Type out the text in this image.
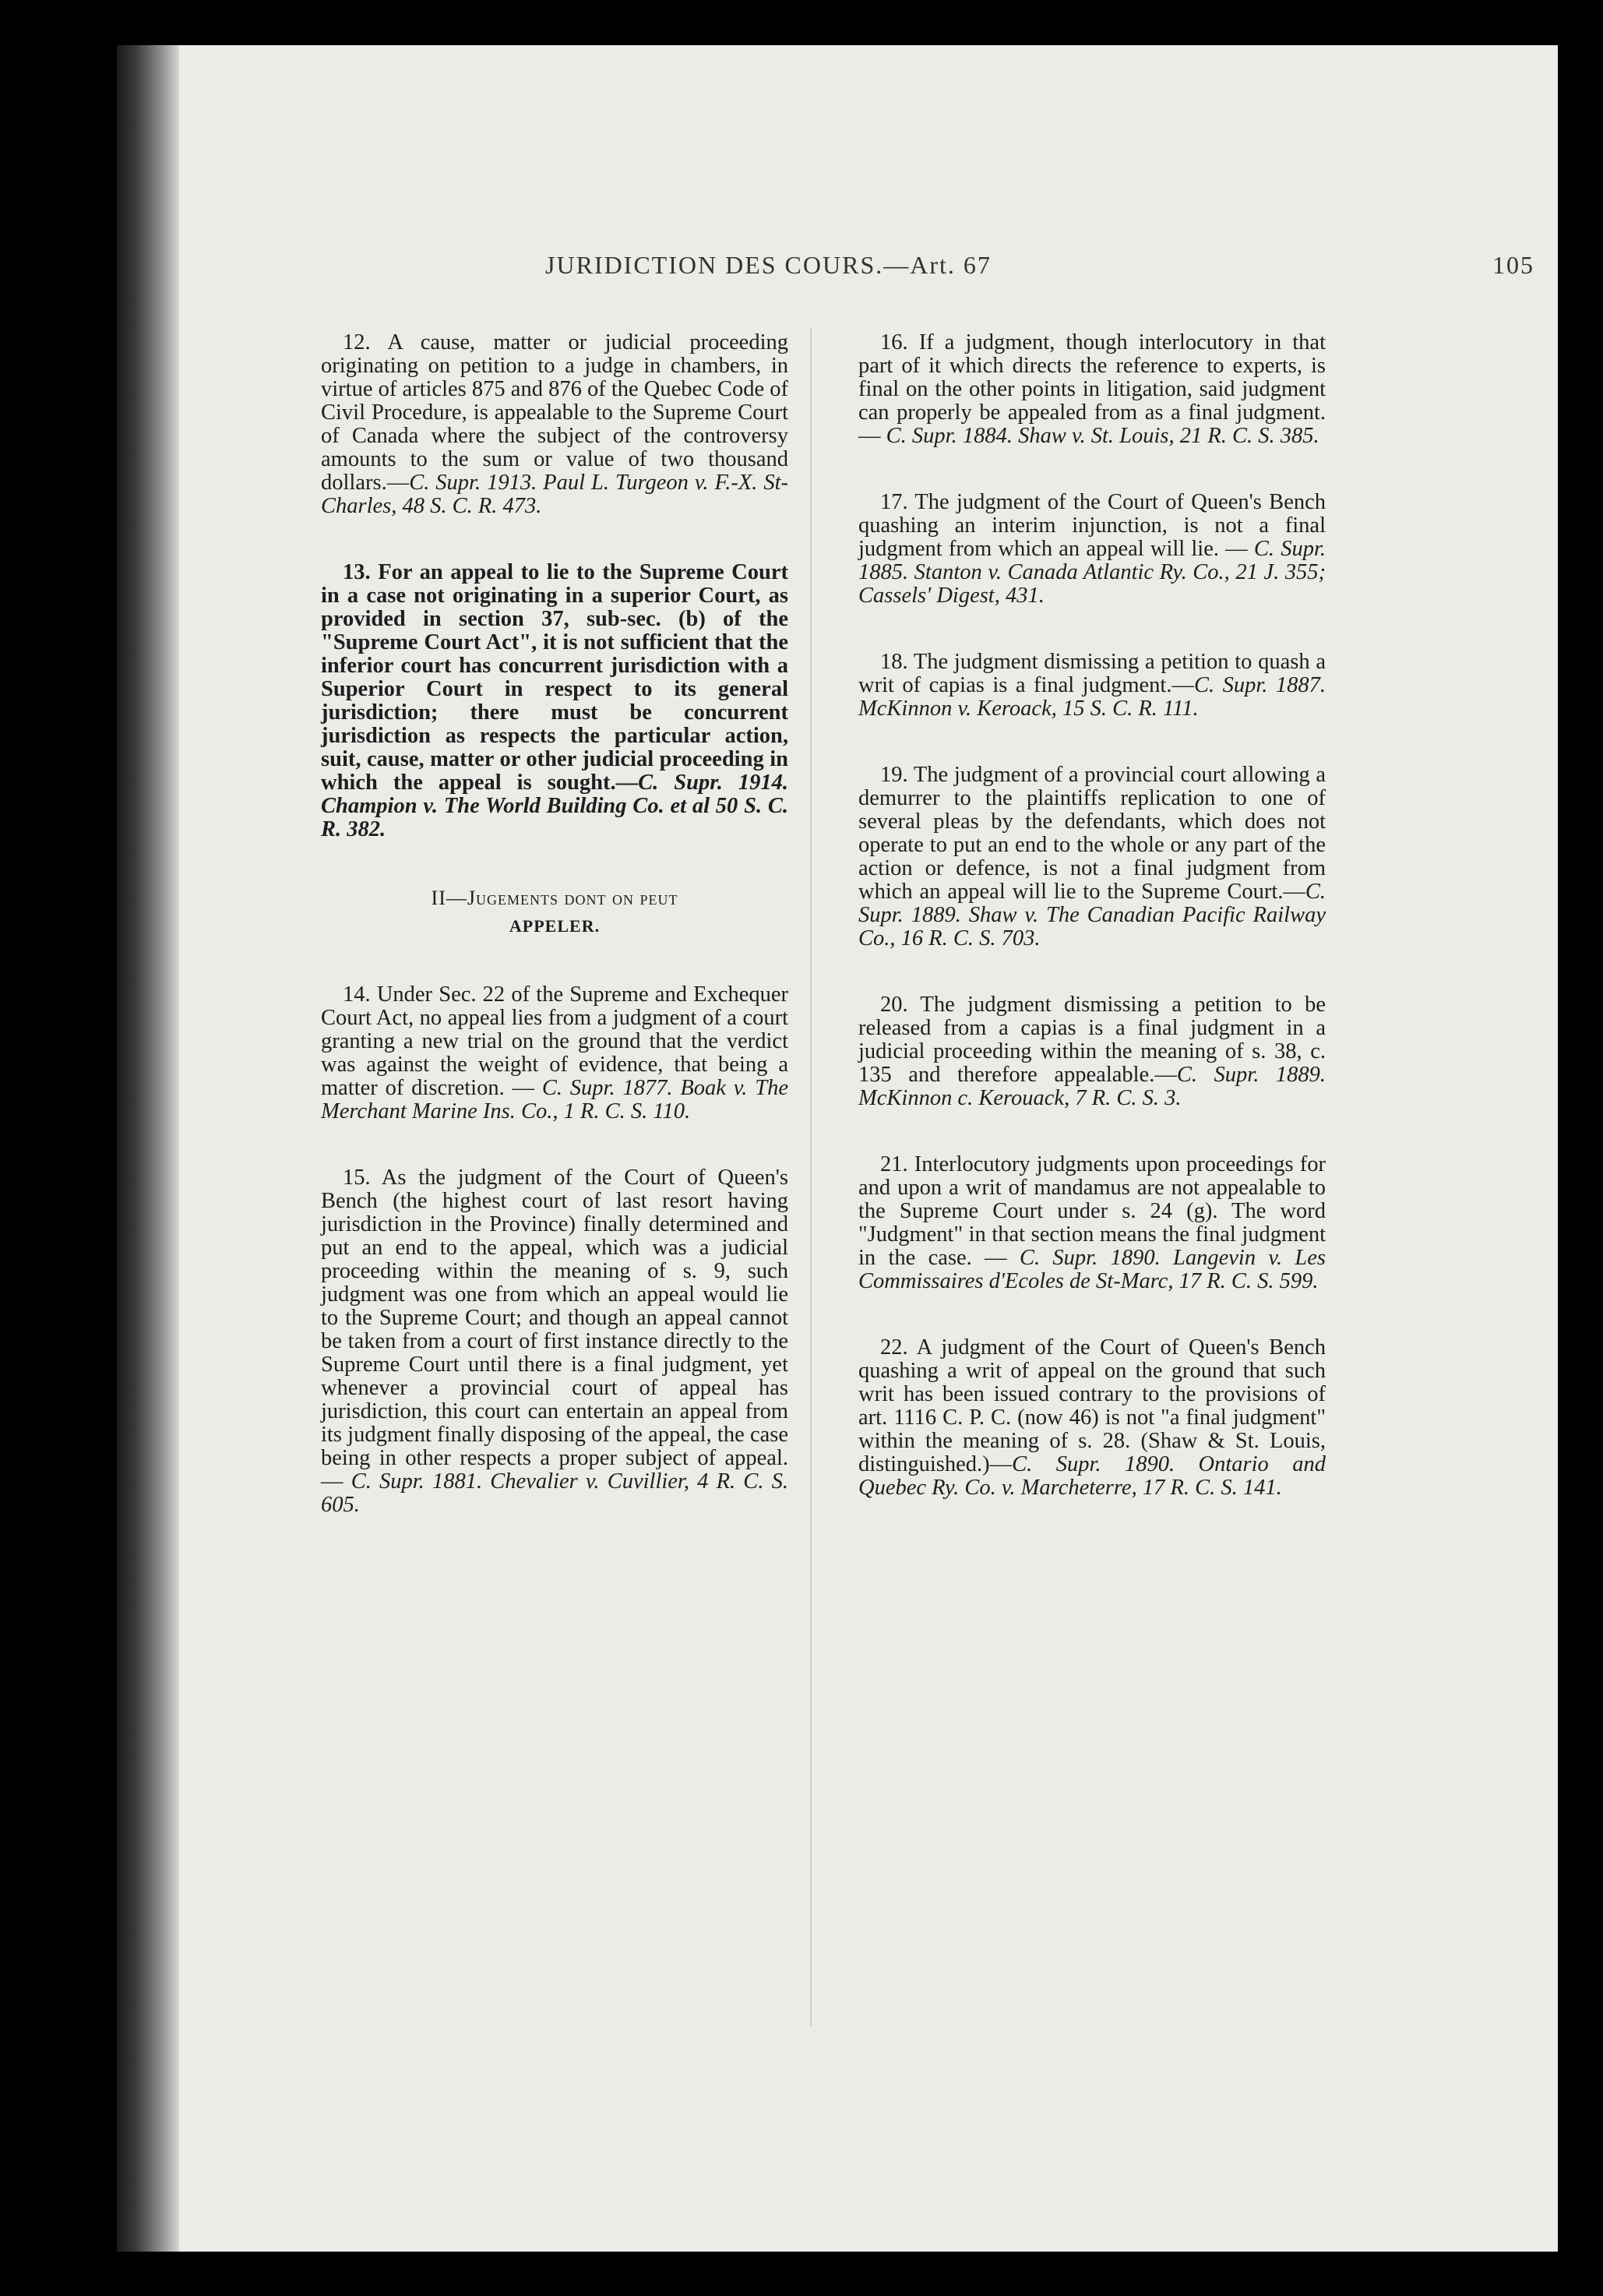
JURIDICTION DES COURS.—Art. 67	105

12. A cause, matter or judicial proceeding originating on petition to a judge in chambers, in virtue of articles 875 and 876 of the Quebec Code of Civil Procedure, is appealable to the Supreme Court of Canada where the subject of the controversy amounts to the sum or value of two thousand dollars.—C. Supr. 1913. Paul L. Turgeon v. F.-X. St-Charles, 48 S. C. R. 473.

13. For an appeal to lie to the Supreme Court in a case not originating in a superior Court, as provided in section 37, sub-sec. (b) of the "Supreme Court Act", it is not sufficient that the inferior court has concurrent jurisdiction with a Superior Court in respect to its general jurisdiction; there must be concurrent jurisdiction as respects the particular action, suit, cause, matter or other judicial proceeding in which the appeal is sought.—C. Supr. 1914. Champion v. The World Building Co. et al 50 S. C. R. 382.

II—Jugements dont on peut
APPELER.

14. Under Sec. 22 of the Supreme and Exchequer Court Act, no appeal lies from a judgment of a court granting a new trial on the ground that the verdict was against the weight of evidence, that being a matter of discretion. — C. Supr. 1877. Boak v. The Merchant Marine Ins. Co., 1 R. C. S. 110.

15. As the judgment of the Court of Queen's Bench (the highest court of last resort having jurisdiction in the Province) finally determined and put an end to the appeal, which was a judicial proceeding within the meaning of s. 9, such judgment was one from which an appeal would lie to the Supreme Court; and though an appeal cannot be taken from a court of first instance directly to the Supreme Court until there is a final judgment, yet whenever a provincial court of appeal has jurisdiction, this court can entertain an appeal from its judgment finally disposing of the appeal, the case being in other respects a proper subject of appeal. — C. Supr. 1881. Chevalier v. Cuvillier, 4 R. C. S. 605.

16. If a judgment, though interlocutory in that part of it which directs the reference to experts, is final on the other points in litigation, said judgment can properly be appealed from as a final judgment.— C. Supr. 1884. Shaw v. St. Louis, 21 R. C. S. 385.

17. The judgment of the Court of Queen's Bench quashing an interim injunction, is not a final judgment from which an appeal will lie. — C. Supr. 1885. Stanton v. Canada Atlantic Ry. Co., 21 J. 355; Cassels' Digest, 431.

18. The judgment dismissing a petition to quash a writ of capias is a final judgment.—C. Supr. 1887. McKinnon v. Keroack, 15 S. C. R. 111.

19. The judgment of a provincial court allowing a demurrer to the plaintiffs replication to one of several pleas by the defendants, which does not operate to put an end to the whole or any part of the action or defence, is not a final judgment from which an appeal will lie to the Supreme Court.—C. Supr. 1889. Shaw v. The Canadian Pacific Railway Co., 16 R. C. S. 703.

20. The judgment dismissing a petition to be released from a capias is a final judgment in a judicial proceeding within the meaning of s. 38, c. 135 and therefore appealable.—C. Supr. 1889. McKinnon c. Kerouack, 7 R. C. S. 3.

21. Interlocutory judgments upon proceedings for and upon a writ of mandamus are not appealable to the Supreme Court under s. 24 (g). The word "Judgment" in that section means the final judgment in the case. — C. Supr. 1890. Langevin v. Les Commissaires d'Ecoles de St-Marc, 17 R. C. S. 599.

22. A judgment of the Court of Queen's Bench quashing a writ of appeal on the ground that such writ has been issued contrary to the provisions of art. 1116 C. P. C. (now 46) is not "a final judgment" within the meaning of s. 28. (Shaw & St. Louis, distinguished.)—C. Supr. 1890. Ontario and Quebec Ry. Co. v. Marcheterre, 17 R. C. S. 141.
